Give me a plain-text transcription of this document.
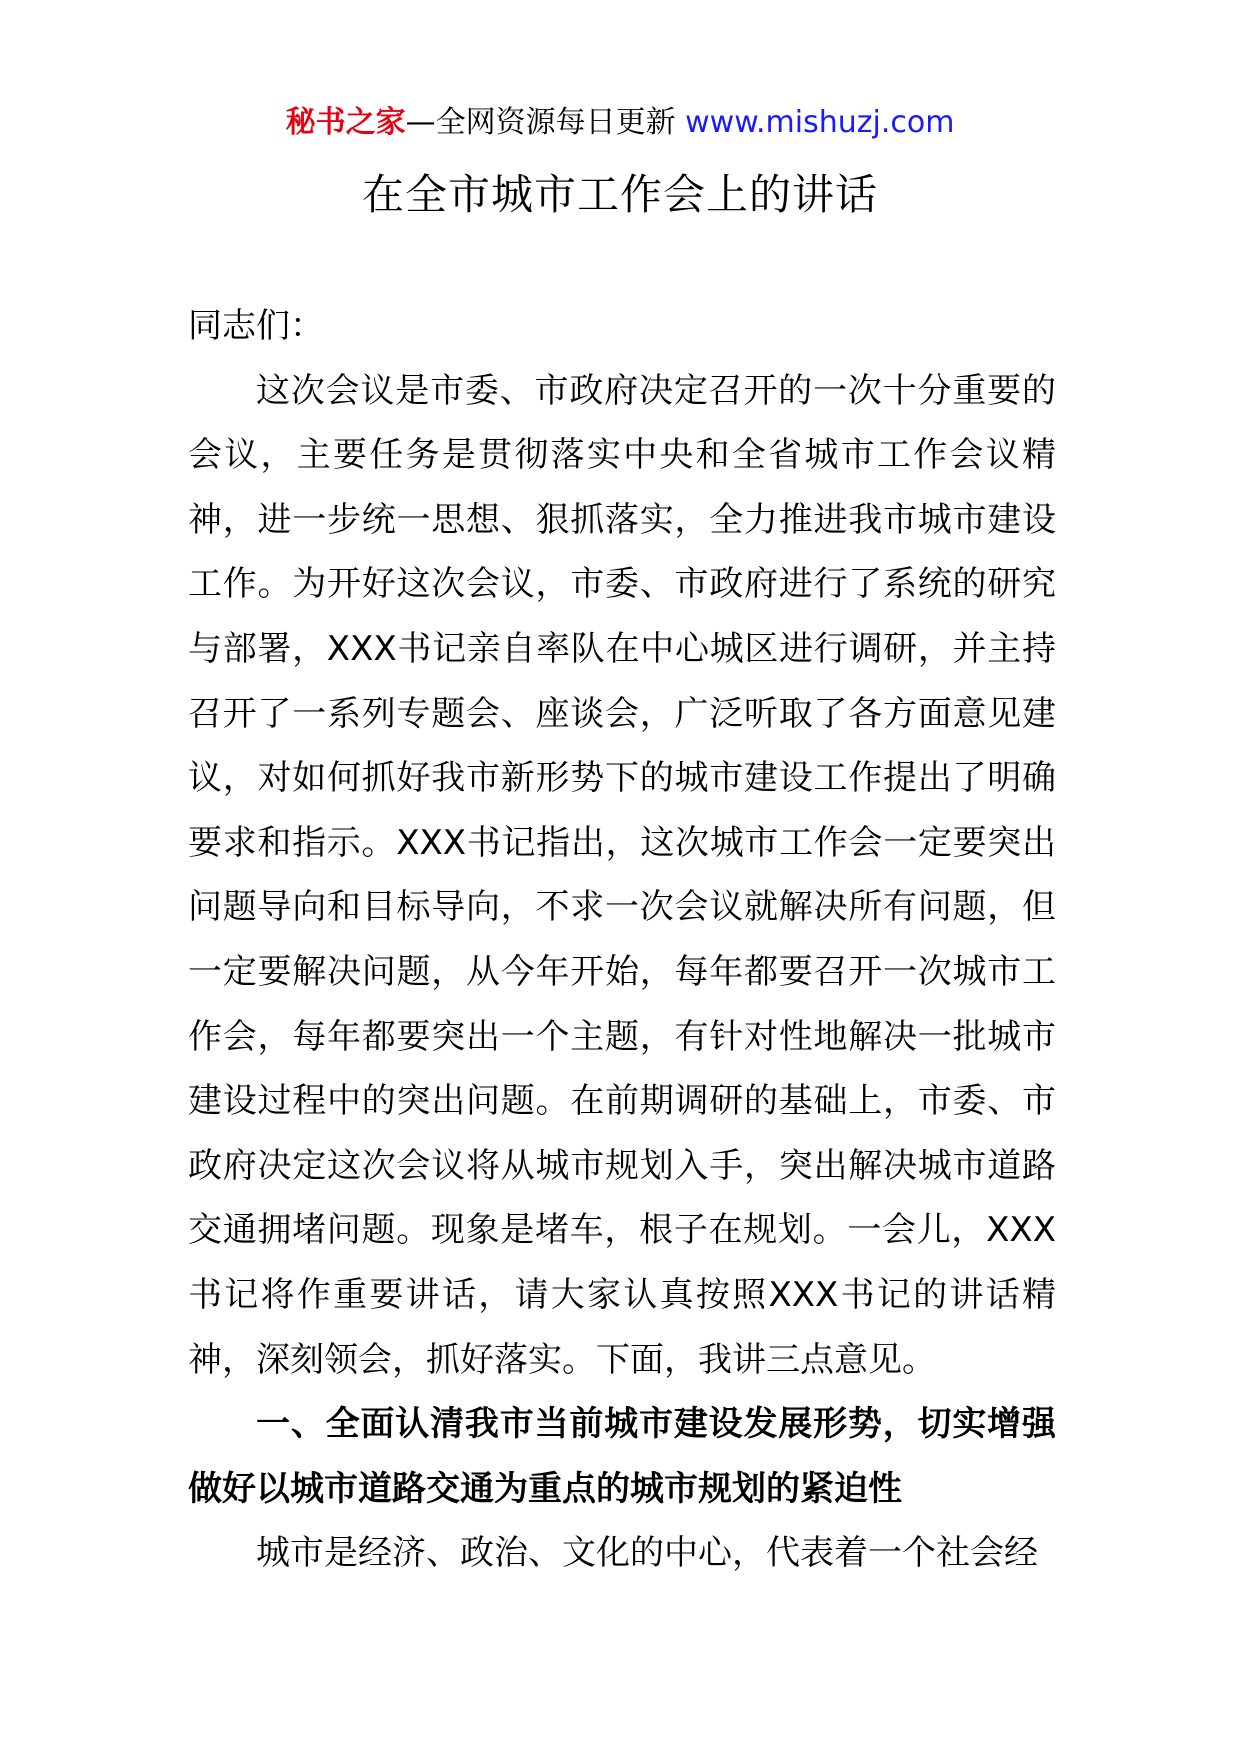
秘书之家—全网资源每日更新 www.mishuzj.com
在全市城市工作会上的讲话

同志们：

这次会议是市委、市政府决定召开的一次十分重要的会议，主要任务是贯彻落实中央和全省城市工作会议精神，进一步统一思想、狠抓落实，全力推进我市城市建设工作。为开好这次会议，市委、市政府进行了系统的研究与部署，XXX书记亲自率队在中心城区进行调研，并主持召开了一系列专题会、座谈会，广泛听取了各方面意见建议，对如何抓好我市新形势下的城市建设工作提出了明确要求和指示。XXX书记指出，这次城市工作会一定要突出问题导向和目标导向，不求一次会议就解决所有问题，但一定要解决问题，从今年开始，每年都要召开一次城市工作会，每年都要突出一个主题，有针对性地解决一批城市建设过程中的突出问题。在前期调研的基础上，市委、市政府决定这次会议将从城市规划入手，突出解决城市道路交通拥堵问题。现象是堵车，根子在规划。一会儿，XXX书记将作重要讲话，请大家认真按照XXX书记的讲话精神，深刻领会，抓好落实。下面，我讲三点意见。

一、全面认清我市当前城市建设发展形势，切实增强做好以城市道路交通为重点的城市规划的紧迫性

城市是经济、政治、文化的中心，代表着一个社会经
